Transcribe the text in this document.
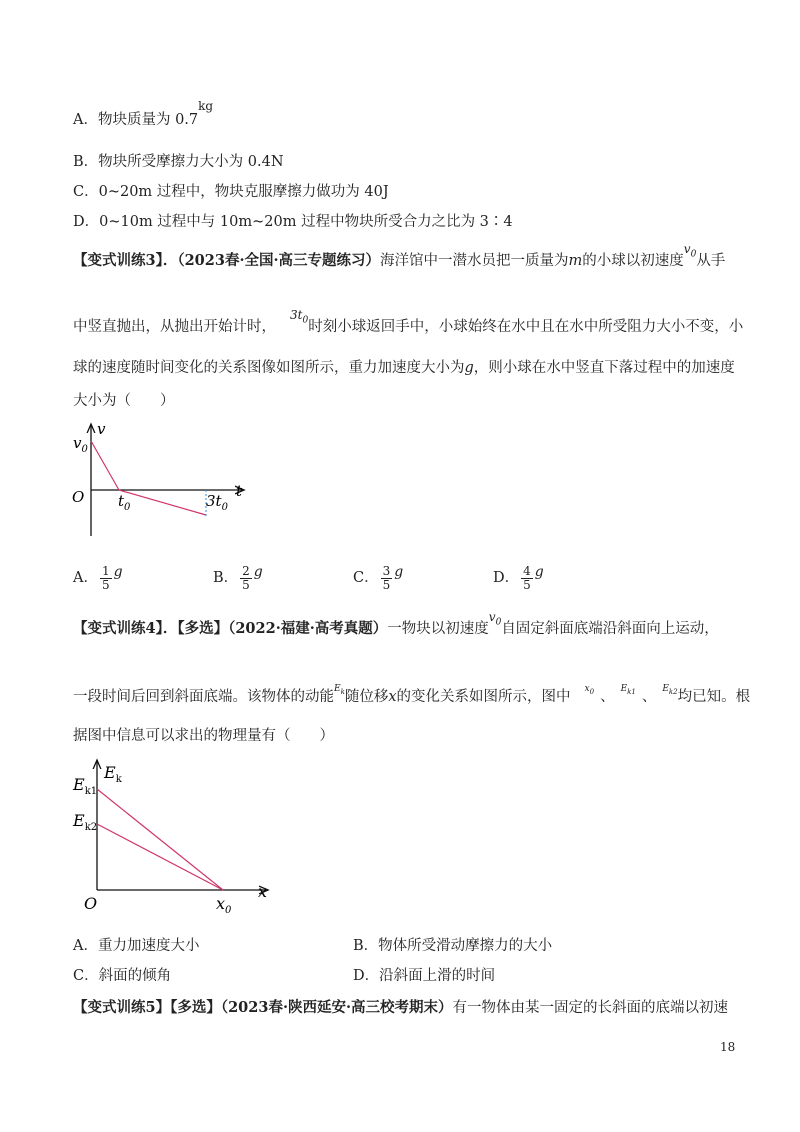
A．物块质量为 $0.7^{kg}$
B．物块所受摩擦力大小为 0.4N
C．0~20m 过程中，物块克服摩擦力做功为 40J
D．0~10m 过程中与 10m~20m 过程中物块所受合力之比为 3∶4
【变式训练3】．（2023春·全国·高三专题练习）海洋馆中一潜水员把一质量为m的小球以初速度$^{v_0}$从手
中竖直抛出，从抛出开始计时，$^{3t_0}$时刻小球返回手中，小球始终在水中且在水中所受阻力大小不变，小
球的速度随时间变化的关系图像如图所示，重力加速度大小为g，则小球在水中竖直下落过程中的加速度
大小为（　　）
v
$v_0$
O	t
$t_0$	$3t_0$
A． $\frac{1}{5}$ g	B． $\frac{2}{5}$ g	C． $\frac{3}{5}$ g	D． $\frac{4}{5}$ g
【变式训练4】．【多选】（2022·福建·高考真题）一物块以初速度$^{v_0}$自固定斜面底端沿斜面向上运动，
一段时间后回到斜面底端。该物体的动能$^{E_k}$随位移x的变化关系如图所示，图中 $^{x_0}$ 、 $^{E_{k1}}$ 、 $^{E_{k2}}$均已知。根
据图中信息可以求出的物理量有（　　）
$E_k$
$E_{k1}$
$E_{k2}$
O
x
$x_0$
A．重力加速度大小	B．物体所受滑动摩擦力的大小
C．斜面的倾角	D．沿斜面上滑的时间
【变式训练5】【多选】（2023春·陕西延安·高三校考期末）有一物体由某一固定的长斜面的底端以初速
18
